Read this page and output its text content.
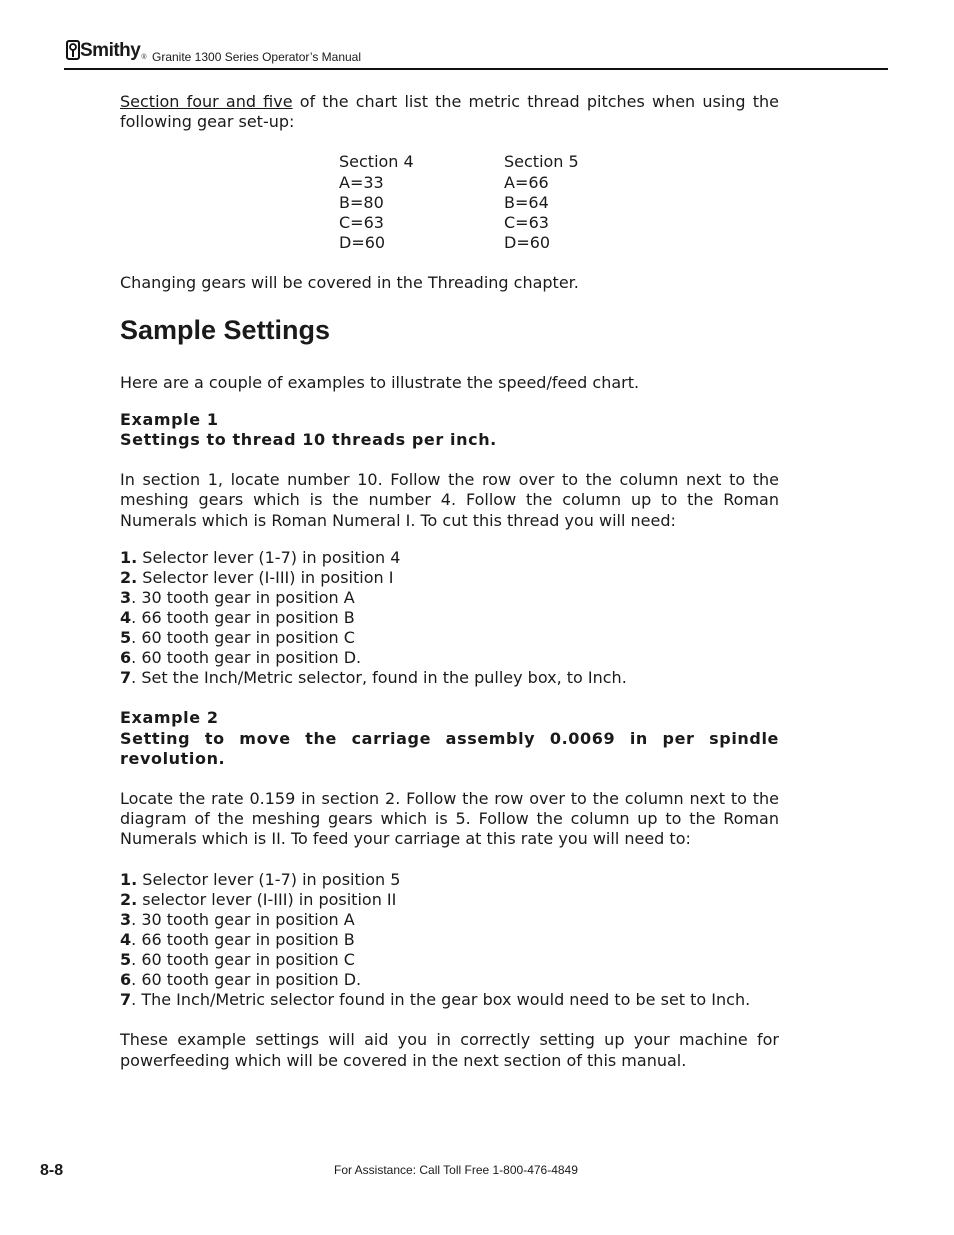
Smithy ® Granite 1300 Series Operator’s Manual

Section four and five of the chart list the metric thread pitches when using the following gear set-up:

Section 4
A=33
B=80
C=63
D=60
Section 5
A=66
B=64
C=63
D=60

Changing gears will be covered in the Threading chapter.

Sample Settings

Here are a couple of examples to illustrate the speed/feed chart.

Example 1

Settings to thread 10 threads per inch.

In section 1, locate number 10. Follow the row over to the column next to the meshing gears which is the number 4. Follow the column up to the Roman Numerals which is Roman Numeral I. To cut this thread you will need:

1. Selector lever (1-7) in position 4
2. Selector lever (I-III) in position I
3. 30 tooth gear in position A
4. 66 tooth gear in position B
5. 60 tooth gear in position C
6. 60 tooth gear in position D.
7. Set the Inch/Metric selector, found in the pulley box, to Inch.

Example 2

Setting to move the carriage assembly 0.0069 in per spindle revolution.

Locate the rate 0.159 in section 2. Follow the row over to the column next to the diagram of the meshing gears which is 5. Follow the column up to the Roman Numerals which is II. To feed your carriage at this rate you will need to:

1. Selector lever (1-7) in position 5
2. selector lever (I-III) in position II
3. 30 tooth gear in position A
4. 66 tooth gear in position B
5. 60 tooth gear in position C
6. 60 tooth gear in position D.
7. The Inch/Metric selector found in the gear box would need to be set to Inch.

These example settings will aid you in correctly setting up your machine for powerfeeding which will be covered in the next section of this manual.

8-8	For Assistance: Call Toll Free 1-800-476-4849
